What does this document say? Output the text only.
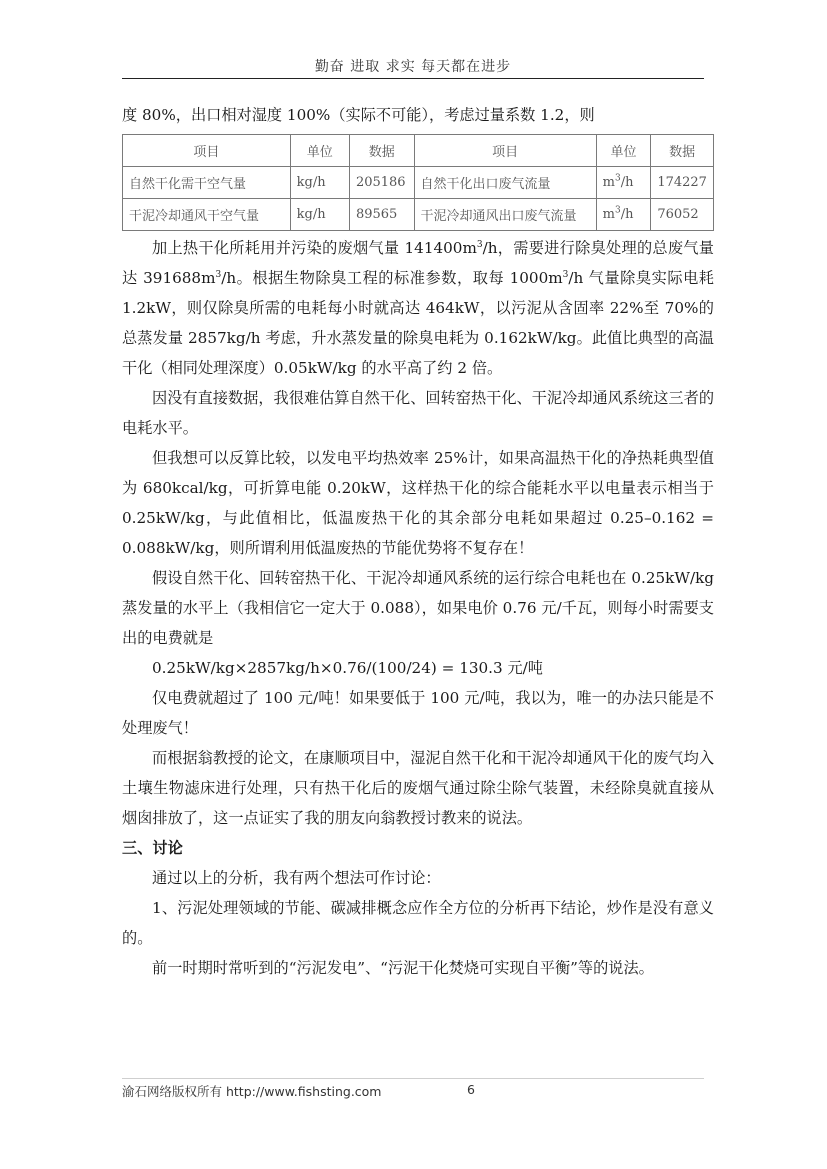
勤奋 进取 求实 每天都在进步

度 80%，出口相对湿度 100%（实际不可能），考虑过量系数 1.2，则

项目	单位	数据	项目	单位	数据
自然干化需干空气量	kg/h	205186	自然干化出口废气流量	$m^3/h$	174227
干泥冷却通风干空气量	kg/h	89565	干泥冷却通风出口废气流量	$m^3/h$	76052

加上热干化所耗用并污染的废烟气量 $141400m^3/h$，需要进行除臭处理的总废气量达 $391688m^3/h$。根据生物除臭工程的标准参数，取每 $1000m^3/h$ 气量除臭实际电耗 1.2kW，则仅除臭所需的电耗每小时就高达 464kW，以污泥从含固率 22%至 70%的总蒸发量 2857kg/h 考虑，升水蒸发量的除臭电耗为 0.162kW/kg。此值比典型的高温干化（相同处理深度）0.05kW/kg 的水平高了约 2 倍。

因没有直接数据，我很难估算自然干化、回转窑热干化、干泥冷却通风系统这三者的电耗水平。

但我想可以反算比较，以发电平均热效率 25%计，如果高温热干化的净热耗典型值为 680kcal/kg，可折算电能 0.20kW，这样热干化的综合能耗水平以电量表示相当于 0.25kW/kg，与此值相比，低温废热干化的其余部分电耗如果超过 0.25–0.162 = 0.088kW/kg，则所谓利用低温废热的节能优势将不复存在！

假设自然干化、回转窑热干化、干泥冷却通风系统的运行综合电耗也在 0.25kW/kg 蒸发量的水平上（我相信它一定大于 0.088），如果电价 0.76 元/千瓦，则每小时需要支出的电费就是

0.25kW/kg×2857kg/h×0.76/(100/24) = 130.3 元/吨

仅电费就超过了 100 元/吨！如果要低于 100 元/吨，我以为，唯一的办法只能是不处理废气！

而根据翁教授的论文，在康顺项目中，湿泥自然干化和干泥冷却通风干化的废气均入土壤生物滤床进行处理，只有热干化后的废烟气通过除尘除气装置，未经除臭就直接从烟囱排放了，这一点证实了我的朋友向翁教授讨教来的说法。

三、讨论

通过以上的分析，我有两个想法可作讨论：

1、污泥处理领域的节能、碳减排概念应作全方位的分析再下结论，炒作是没有意义的。

前一时期时常听到的“污泥发电”、“污泥干化焚烧可实现自平衡”等的说法。

渝石网络版权所有 http://www.fishsting.com	6
